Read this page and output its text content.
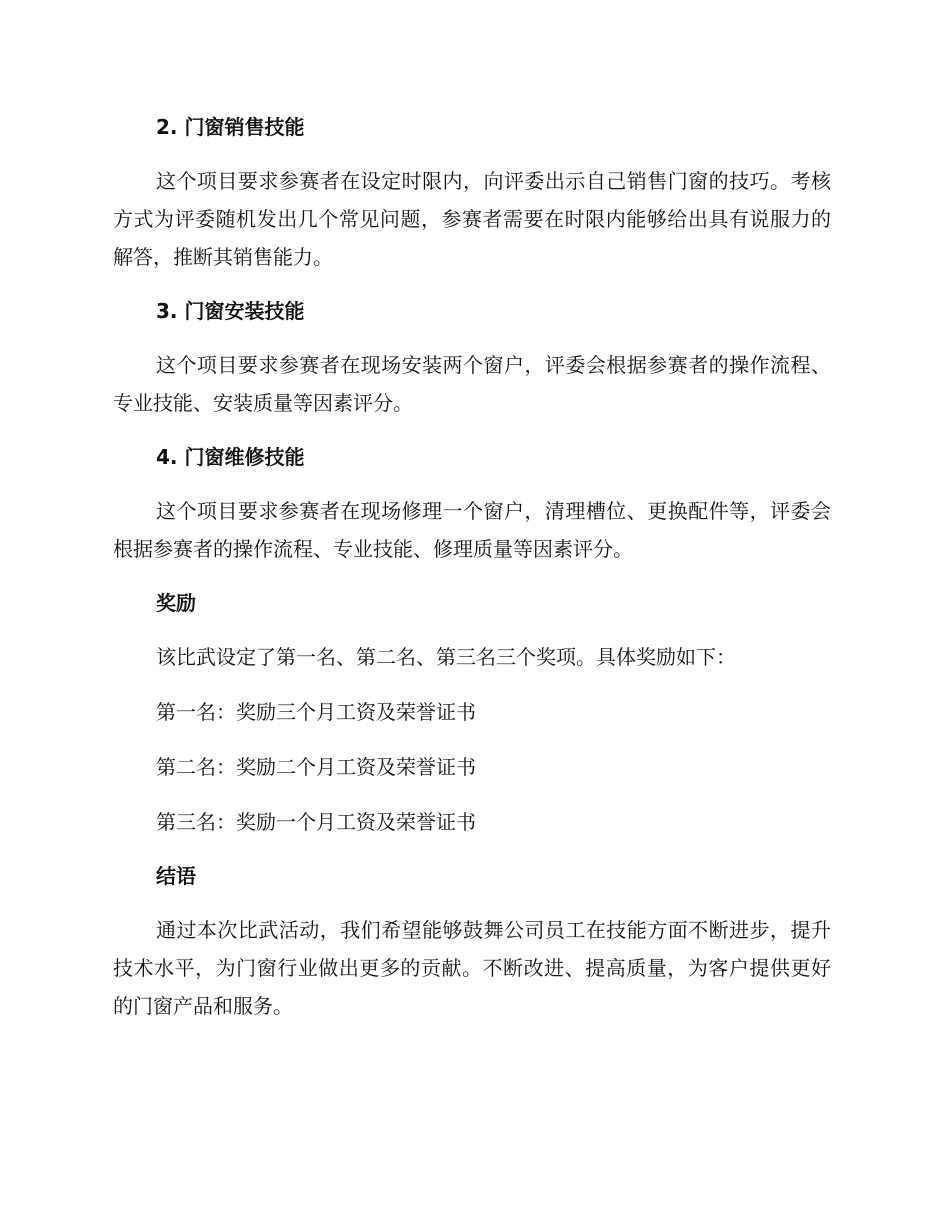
2. 门窗销售技能

这个项目要求参赛者在设定时限内，向评委出示自己销售门窗的技巧。考核方式为评委随机发出几个常见问题，参赛者需要在时限内能够给出具有说服力的解答，推断其销售能力。

3. 门窗安装技能

这个项目要求参赛者在现场安装两个窗户，评委会根据参赛者的操作流程、专业技能、安装质量等因素评分。

4. 门窗维修技能

这个项目要求参赛者在现场修理一个窗户，清理槽位、更换配件等，评委会根据参赛者的操作流程、专业技能、修理质量等因素评分。

奖励

该比武设定了第一名、第二名、第三名三个奖项。具体奖励如下：

第一名：奖励三个月工资及荣誉证书

第二名：奖励二个月工资及荣誉证书

第三名：奖励一个月工资及荣誉证书

结语

通过本次比武活动，我们希望能够鼓舞公司员工在技能方面不断进步，提升技术水平，为门窗行业做出更多的贡献。不断改进、提高质量，为客户提供更好的门窗产品和服务。
